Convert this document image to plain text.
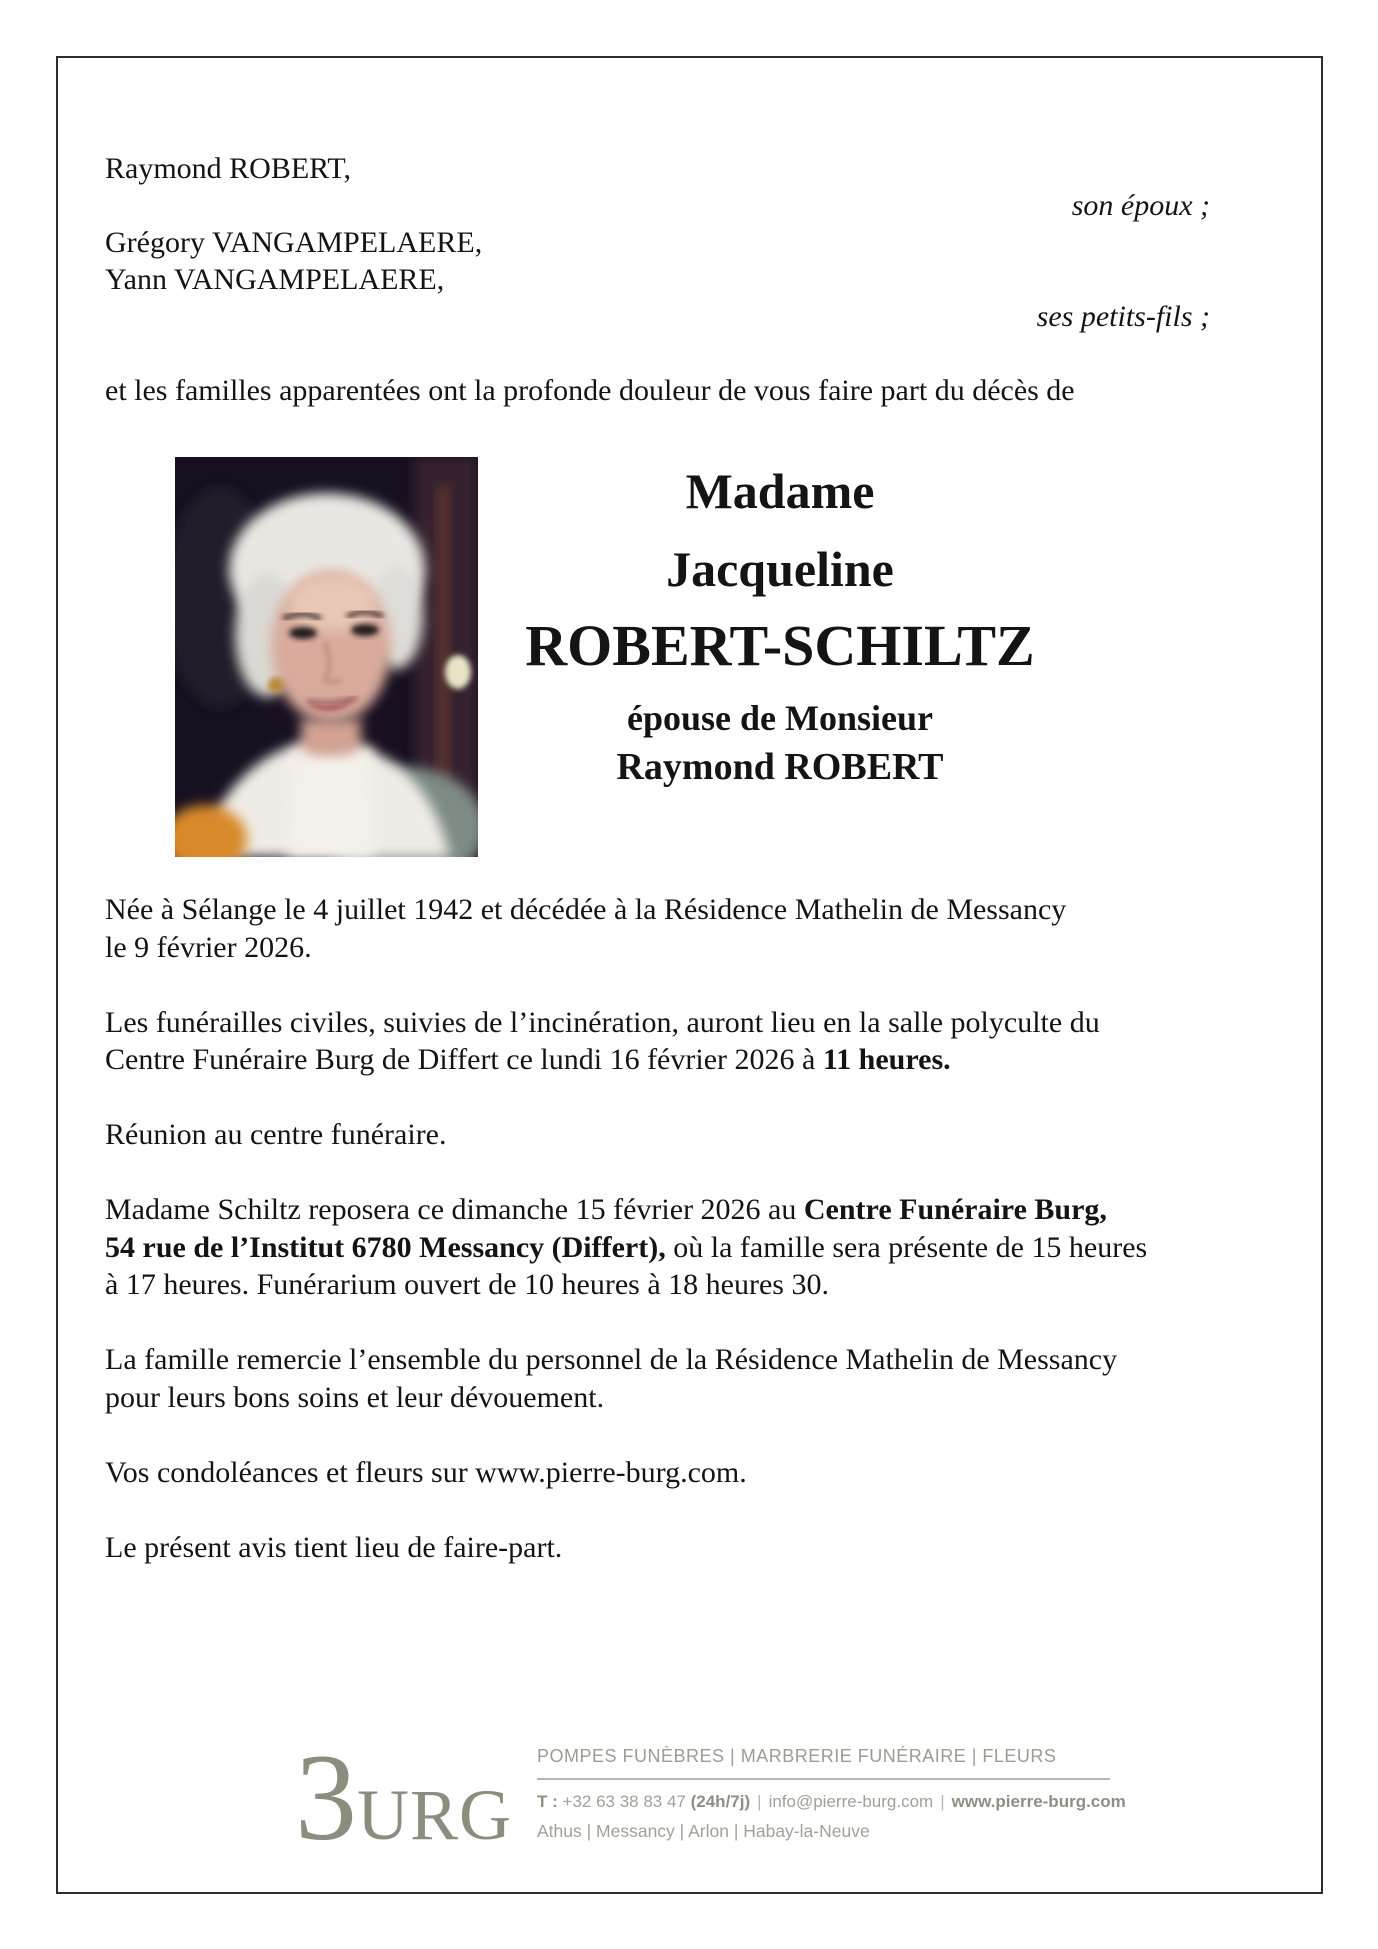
Raymond ROBERT,
son époux ;
Grégory VANGAMPELAERE,
Yann VANGAMPELAERE,
ses petits-fils ;
et les familles apparentées ont la profonde douleur de vous faire part du décès de
Madame
Jacqueline
ROBERT-SCHILTZ
épouse de Monsieur
Raymond ROBERT

Née à Sélange le 4 juillet 1942 et décédée à la Résidence Mathelin de Messancy
le 9 février 2026.

Les funérailles civiles, suivies de l’incinération, auront lieu en la salle polyculte du
Centre Funéraire Burg de Differt ce lundi 16 février 2026 à 11 heures.

Réunion au centre funéraire.

Madame Schiltz reposera ce dimanche 15 février 2026 au Centre Funéraire Burg,
54 rue de l’Institut 6780 Messancy (Differt), où la famille sera présente de 15 heures
à 17 heures. Funérarium ouvert de 10 heures à 18 heures 30.

La famille remercie l’ensemble du personnel de la Résidence Mathelin de Messancy
pour leurs bons soins et leur dévouement.

Vos condoléances et fleurs sur www.pierre-burg.com.

Le présent avis tient lieu de faire-part.

3 URG
POMPES FUNÈBRES | MARBRERIE FUNÉRAIRE | FLEURS
T : +32 63 38 83 47 (24h/7j) | info@pierre-burg.com | www.pierre-burg.com
Athus | Messancy | Arlon | Habay-la-Neuve
